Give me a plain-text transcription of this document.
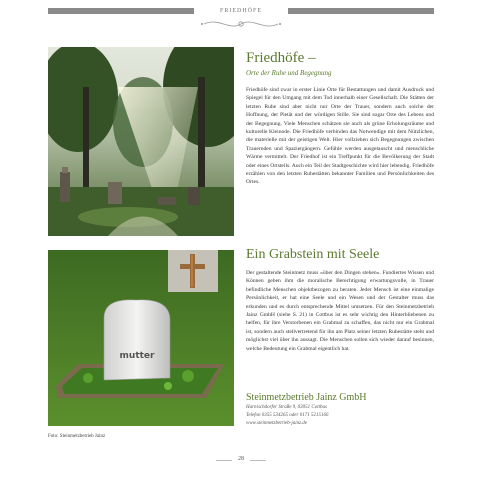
FRIEDHÖFE
mutter
Foto: Steinmetzbetrieb Jainz
Friedhöfe –
Orte der Ruhe und Begegnung

Friedhöfe sind zwar in erster Linie Orte für Bestattungen und damit Ausdruck und Spiegel für den Umgang mit dem Tod innerhalb einer Gesellschaft. Die Stätten der letzten Ruhe sind aber nicht nur Orte der Trauer, sondern auch solche der Hoffnung, der Pietät und der würdigen Stille. Sie sind sogar Orte des Lebens und der Begegnung. Viele Menschen schätzen sie auch als grüne Erholungsräume und kulturelle Kleinode. Die Friedhöfe verbinden das Notwendige mit dem Nützlichen, die materielle mit der geistigen Welt. Hier vollziehen sich Begegnungen zwischen Trauernden und Spaziergängern. Gefühle werden ausgetauscht und menschliche Wärme vermittelt. Der Friedhof ist ein Treffpunkt für die Bevölkerung der Stadt oder eines Ortsteils. Auch ein Teil der Stadtgeschichte wird hier lebendig. Friedhöfe erzählen von den letzten Ruhestätten bekannter Familien und Persönlichkeiten des Ortes.

Ein Grabstein mit Seele

Der gestaltende Steinmetz muss »über den Dingen stehen«. Fundiertes Wissen und Können geben ihm die moralische Berechtigung erwartungsvolle, in Trauer befindliche Menschen objektbezogen zu beraten. Jeder Mensch ist eine einmalige Persönlichkeit, er hat eine Seele und ein Wesen und der Gestalter muss das erkunden und es durch entsprechende Mittel umsetzen. Für den Steinmetzbetrieb Jainz GmbH (siehe S. 21) in Cottbus ist es sehr wichtig den Hinterbliebenen zu helfen, für ihre Verstorbenen ein Grabmal zu schaffen, das nicht nur ein Grabmal ist, sondern auch stellvertretend für ihn am Platz seiner letzten Ruhestätte steht und möglichst viel über ihn aussagt. Die Menschen sollen sich wieder darauf besinnen, welche Bedeutung ein Grabmal eigentlich hat.

Steinmetzbetrieb Jainz GmbH
Harnischdorfer Straße 9, 03051 Cottbus
Telefon 0355 534265 oder 0171 5215166
www.steinmetzbetrieb-jainz.de
28
